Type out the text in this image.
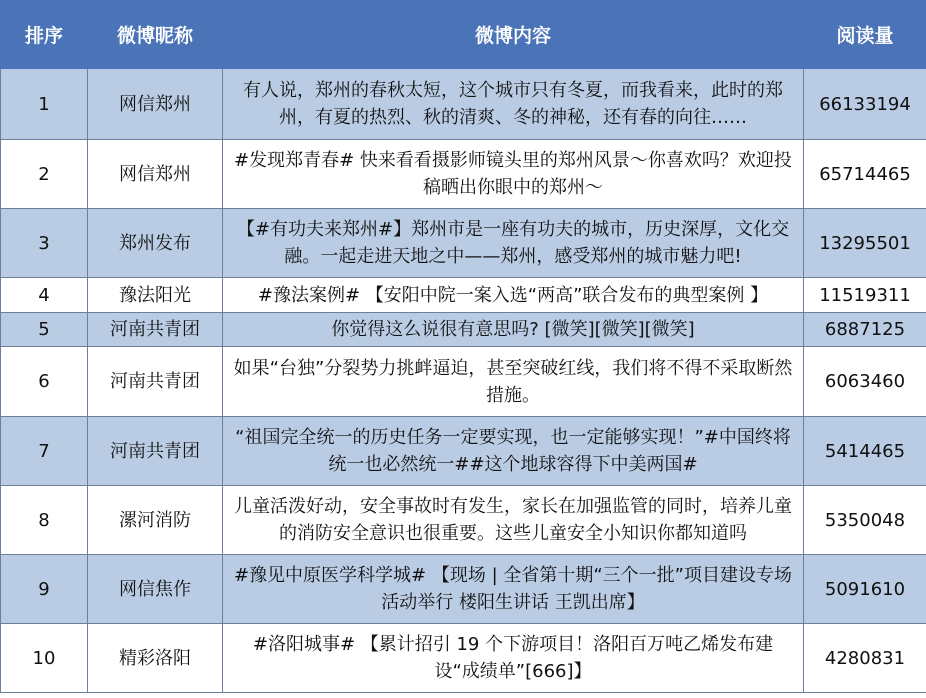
排序	微博昵称	微博内容	阅读量
1	网信郑州	有人说，郑州的春秋太短，这个城市只有冬夏，而我看来，此时的郑州，有夏的热烈、秋的清爽、冬的神秘，还有春的向往……	66133194
2	网信郑州	#发现郑青春# 快来看看摄影师镜头里的郑州风景～你喜欢吗？欢迎投稿晒出你眼中的郑州～	65714465
3	郑州发布	【#有功夫来郑州#】郑州市是一座有功夫的城市，历史深厚，文化交融。一起走进天地之中——郑州，感受郑州的城市魅力吧!	13295501
4	豫法阳光	#豫法案例# 【安阳中院一案入选“两高”联合发布的典型案例 】	11519311
5	河南共青团	你觉得这么说很有意思吗? [微笑][微笑][微笑]	6887125
6	河南共青团	如果“台独”分裂势力挑衅逼迫，甚至突破红线，我们将不得不采取断然措施。	6063460
7	河南共青团	“祖国完全统一的历史任务一定要实现，也一定能够实现！”#中国终将统一也必然统一##这个地球容得下中美两国#	5414465
8	漯河消防	儿童活泼好动，安全事故时有发生，家长在加强监管的同时，培养儿童的消防安全意识也很重要。这些儿童安全小知识你都知道吗	5350048
9	网信焦作	#豫见中原医学科学城# 【现场 | 全省第十期“三个一批”项目建设专场活动举行 楼阳生讲话 王凯出席】	5091610
10	精彩洛阳	#洛阳城事# 【累计招引 19 个下游项目！洛阳百万吨乙烯发布建设“成绩单”[666]】	4280831
